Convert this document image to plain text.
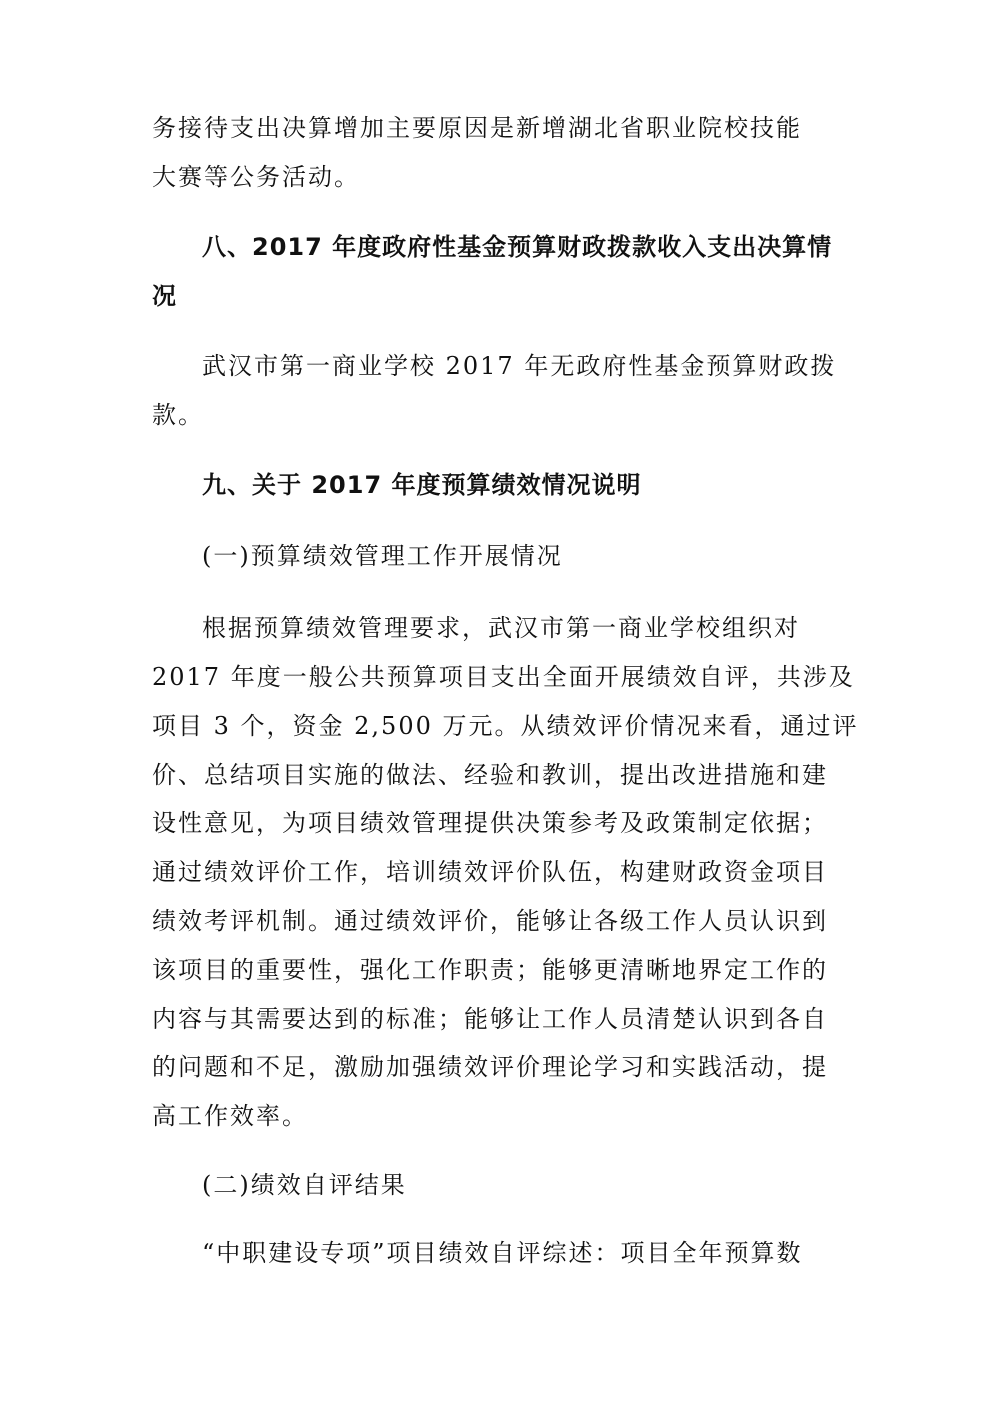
务接待支出决算增加主要原因是新增湖北省职业院校技能
大赛等公务活动。
八、2017 年度政府性基金预算财政拨款收入支出决算情
况
武汉市第一商业学校 2017 年无政府性基金预算财政拨
款。
九、关于 2017 年度预算绩效情况说明
(一)预算绩效管理工作开展情况
根据预算绩效管理要求，武汉市第一商业学校组织对
2017 年度一般公共预算项目支出全面开展绩效自评，共涉及
项目 3 个，资金 2,500 万元。从绩效评价情况来看，通过评
价、总结项目实施的做法、经验和教训，提出改进措施和建
设性意见，为项目绩效管理提供决策参考及政策制定依据；
通过绩效评价工作，培训绩效评价队伍，构建财政资金项目
绩效考评机制。通过绩效评价，能够让各级工作人员认识到
该项目的重要性，强化工作职责；能够更清晰地界定工作的
内容与其需要达到的标准；能够让工作人员清楚认识到各自
的问题和不足，激励加强绩效评价理论学习和实践活动，提
高工作效率。
(二)绩效自评结果
“中职建设专项”项目绩效自评综述：项目全年预算数
